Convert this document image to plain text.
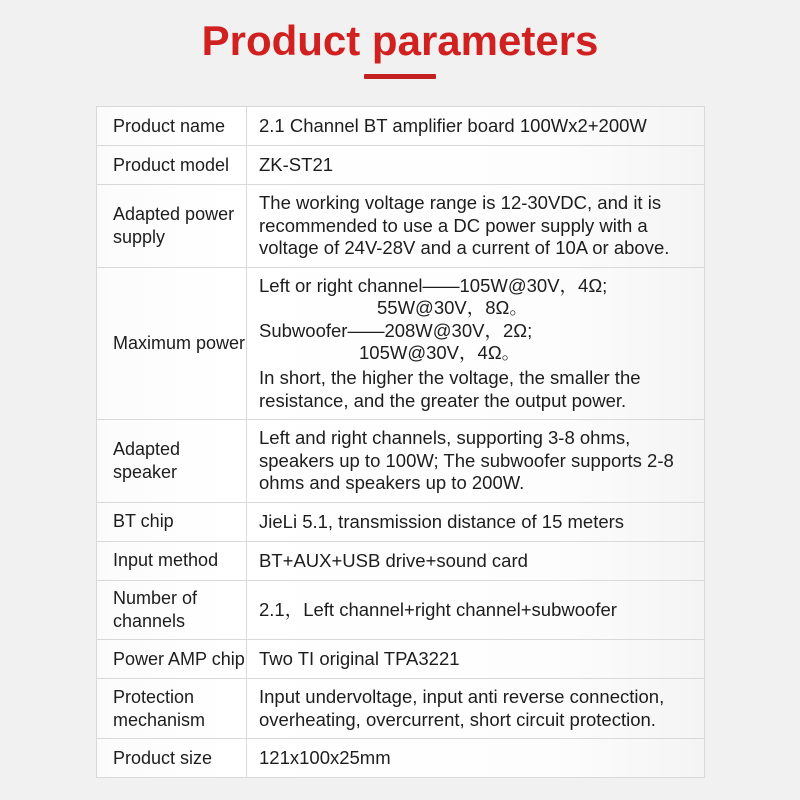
Product parameters
Product name	2.1 Channel BT amplifier board 100Wx2+200W

Product model	ZK-ST21

Adapted power supply	The working voltage range is 12-30VDC, and it is recommended to use a DC power supply with a voltage of 24V-28V and a current of 10A or above.

Maximum power	Left or right channel——105W@30V，4Ω;
55W@30V，8Ω。
Subwoofer——208W@30V，2Ω;
105W@30V，4Ω。
In short, the higher the voltage, the smaller the resistance, and the greater the output power.

Adapted speaker	Left and right channels, supporting 3-8 ohms, speakers up to 100W; The subwoofer supports 2-8 ohms and speakers up to 200W.

BT chip	JieLi 5.1, transmission distance of 15 meters

Input method	BT+AUX+USB drive+sound card

Number of channels	2.1，Left channel+right channel+subwoofer

Power AMP chip	Two TI original TPA3221

Protection mechanism	Input undervoltage, input anti reverse connection, overheating, overcurrent, short circuit protection.

Product size	121x100x25mm
